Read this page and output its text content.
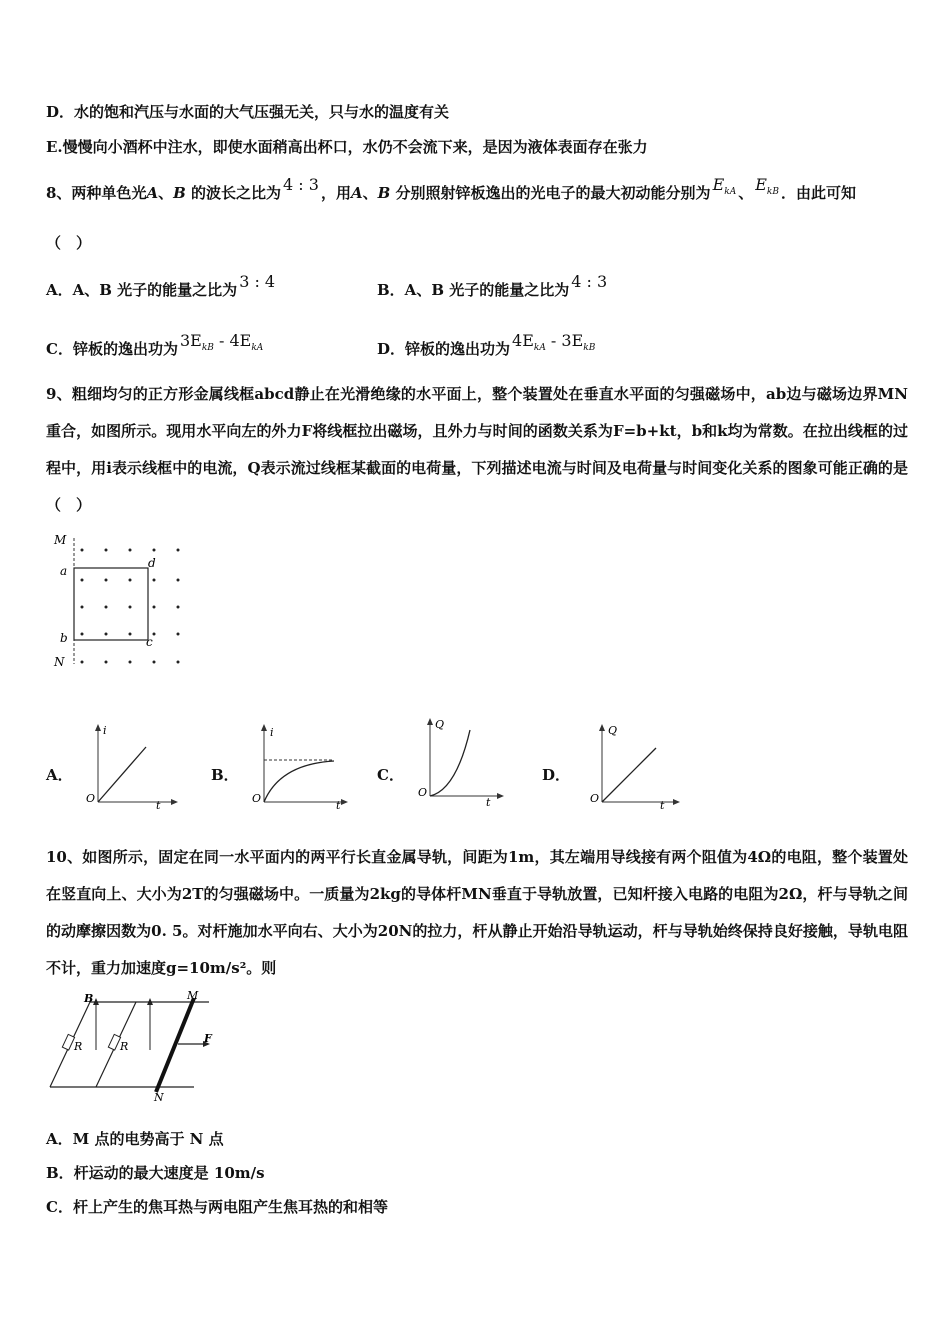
D．水的饱和汽压与水面的大气压强无关，只与水的温度有关
E.慢慢向小酒杯中注水，即使水面稍高出杯口，水仍不会流下来，是因为液体表面存在张力
8、两种单色光A、B 的波长之比为 4 : 3 ，用A、B 分别照射锌板逸出的光电子的最大初动能分别为 $E_{kA}$ 、 $E_{kB}$ ．由此可知
（　）
A．A、B 光子的能量之比为 3 : 4	B．A、B 光子的能量之比为 4 : 3
C．锌板的逸出功为 $3E_{kB} - 4E_{kA}$	D．锌板的逸出功为 $4E_{kA} - 3E_{kB}$
9、粗细均匀的正方形金属线框abcd静止在光滑绝缘的水平面上，整个装置处在垂直水平面的匀强磁场中，ab边与磁场边界MN重合，如图所示。现用水平向左的外力F将线框拉出磁场，且外力与时间的函数关系为F=b+kt，b和k均为常数。在拉出线框的过程中，用i表示线框中的电流，Q表示流过线框某截面的电荷量，下列描述电流与时间及电荷量与时间变化关系的图象可能正确的是（　）
M
a
d
b	c
N
A．
i
O
t
B．
i
O
t
C．
Q
O
t
D．
Q
O
t
10、如图所示，固定在同一水平面内的两平行长直金属导轨，间距为1m，其左端用导线接有两个阻值为4Ω的电阻，整个装置处在竖直向上、大小为2T的匀强磁场中。一质量为2kg的导体杆MN垂直于导轨放置，已知杆接入电路的电阻为2Ω，杆与导轨之间的动摩擦因数为0. 5。对杆施加水平向右、大小为20N的拉力，杆从静止开始沿导轨运动，杆与导轨始终保持良好接触，导轨电阻不计，重力加速度g=10m/s²。则
R	R
B	M
N
F
A．M 点的电势高于 N 点
B．杆运动的最大速度是 10m/s
C．杆上产生的焦耳热与两电阻产生焦耳热的和相等
